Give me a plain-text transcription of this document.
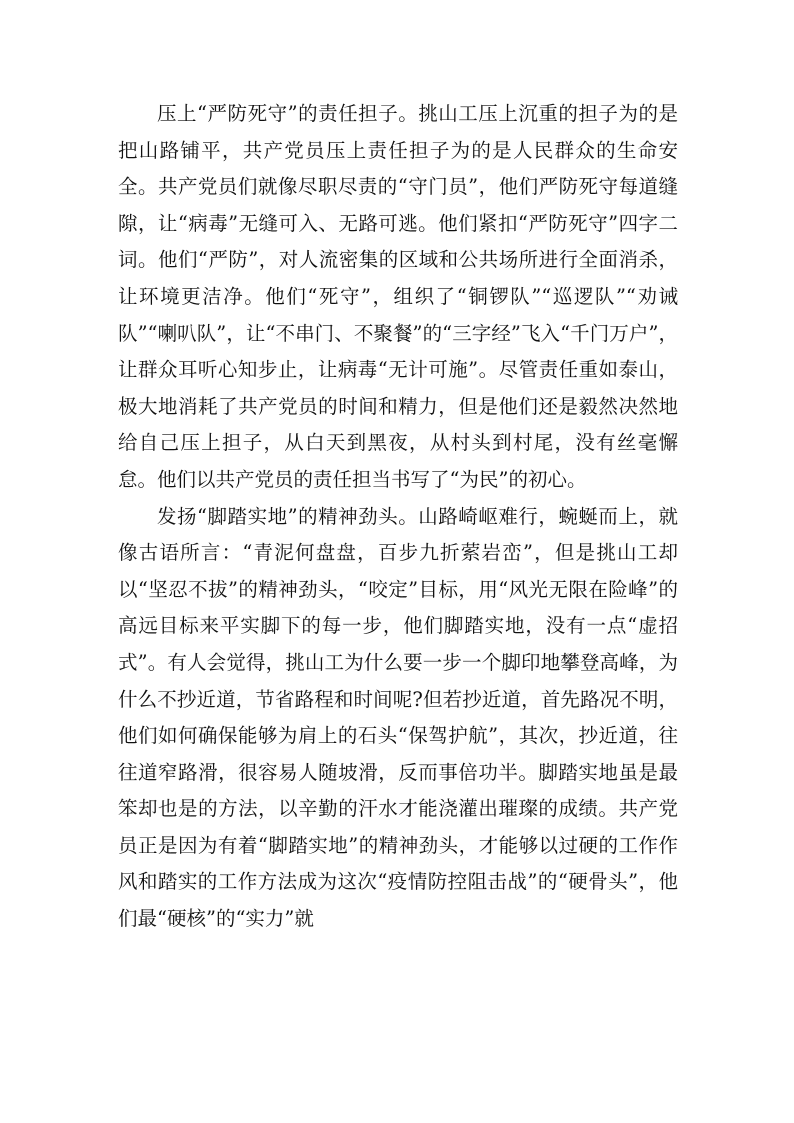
压上“严防死守”的责任担子。挑山工压上沉重的担子为的是把山路铺平，共产党员压上责任担子为的是人民群众的生命安全。共产党员们就像尽职尽责的“守门员”，他们严防死守每道缝隙，让“病毒”无缝可入、无路可逃。他们紧扣“严防死守”四字二词。他们“严防”，对人流密集的区域和公共场所进行全面消杀，让环境更洁净。他们“死守”，组织了“铜锣队”“巡逻队”“劝诫队”“喇叭队”，让“不串门、不聚餐”的“三字经”飞入“千门万户”，让群众耳听心知步止，让病毒“无计可施”。尽管责任重如泰山，极大地消耗了共产党员的时间和精力，但是他们还是毅然决然地给自己压上担子，从白天到黑夜，从村头到村尾，没有丝毫懈怠。他们以共产党员的责任担当书写了“为民”的初心。

发扬“脚踏实地”的精神劲头。山路崎岖难行，蜿蜒而上，就像古语所言：“青泥何盘盘，百步九折萦岩峦”，但是挑山工却以“坚忍不拔”的精神劲头，“咬定”目标，用“风光无限在险峰”的高远目标来平实脚下的每一步，他们脚踏实地，没有一点“虚招式”。有人会觉得，挑山工为什么要一步一个脚印地攀登高峰，为什么不抄近道，节省路程和时间呢?但若抄近道，首先路况不明，他们如何确保能够为肩上的石头“保驾护航”，其次，抄近道，往往道窄路滑，很容易人随坡滑，反而事倍功半。脚踏实地虽是最笨却也是的方法，以辛勤的汗水才能浇灌出璀璨的成绩。共产党员正是因为有着“脚踏实地”的精神劲头，才能够以过硬的工作作风和踏实的工作方法成为这次“疫情防控阻击战”的“硬骨头”，他们最“硬核”的“实力”就
